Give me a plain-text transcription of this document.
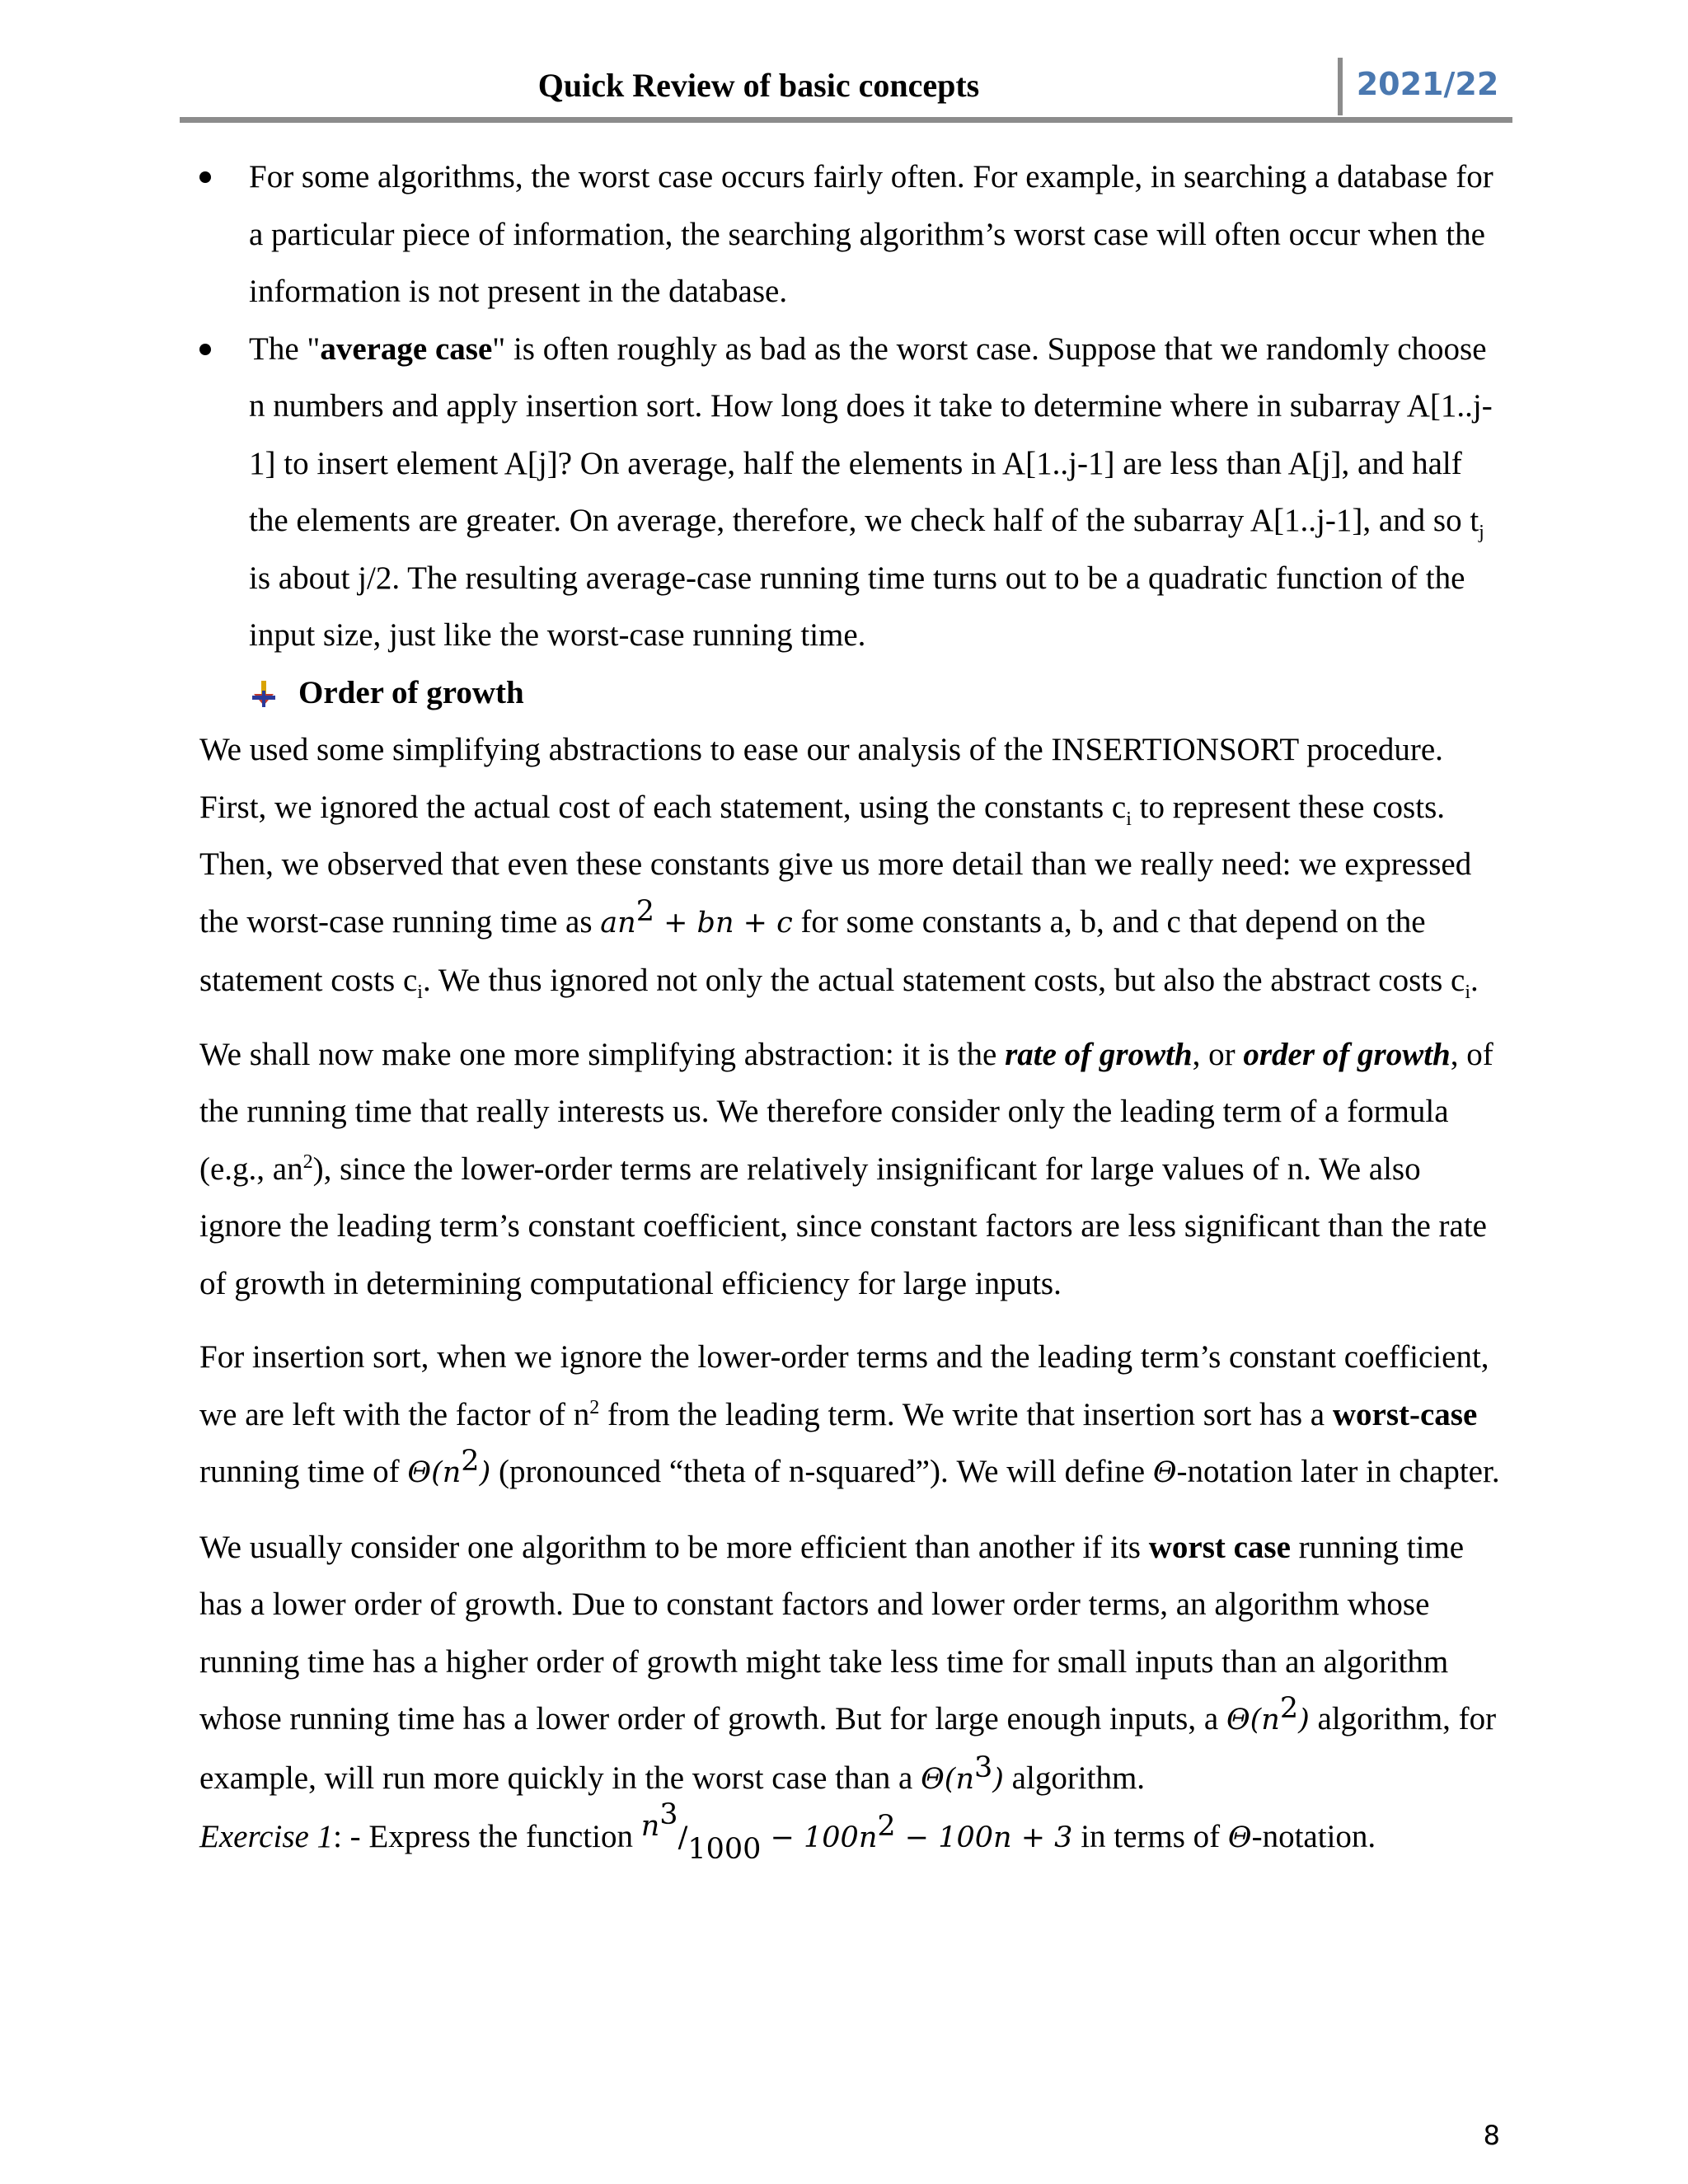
Quick Review of basic concepts	2021/22
For some algorithms, the worst case occurs fairly often. For example, in searching a database for a particular piece of information, the searching algorithm’s worst case will often occur when the information is not present in the database.
The "average case" is often roughly as bad as the worst case. Suppose that we randomly choose n numbers and apply insertion sort. How long does it take to determine where in subarray A[1..j-1] to insert element A[j]? On average, half the elements in A[1..j-1] are less than A[j], and half the elements are greater. On average, therefore, we check half of the subarray A[1..j-1], and so $t_j$ is about j/2. The resulting average-case running time turns out to be a quadratic function of the input size, just like the worst-case running time.
Order of growth

We used some simplifying abstractions to ease our analysis of the INSERTIONSORT procedure. First, we ignored the actual cost of each statement, using the constants $c_i$ to represent these costs. Then, we observed that even these constants give us more detail than we really need: we expressed the worst-case running time as $an^2$ + bn + c for some constants a, b, and c that depend on the statement costs $c_i$. We thus ignored not only the actual statement costs, but also the abstract costs $c_i$.

We shall now make one more simplifying abstraction: it is the rate of growth, or order of growth, of the running time that really interests us. We therefore consider only the leading term of a formula (e.g., $an^2$), since the lower-order terms are relatively insignificant for large values of n. We also ignore the leading term’s constant coefficient, since constant factors are less significant than the rate of growth in determining computational efficiency for large inputs.

For insertion sort, when we ignore the lower-order terms and the leading term’s constant coefficient, we are left with the factor of $n^2$ from the leading term. We write that insertion sort has a worst-case running time of $\Theta(n^2)$ (pronounced “theta of n-squared”). We will define Θ-notation later in chapter.

We usually consider one algorithm to be more efficient than another if its worst case running time has a lower order of growth. Due to constant factors and lower order terms, an algorithm whose running time has a higher order of growth might take less time for small inputs than an algorithm whose running time has a lower order of growth. But for large enough inputs, a $\Theta(n^2)$ algorithm, for example, will run more quickly in the worst case than a $\Theta(n^3)$ algorithm.

Exercise 1: - Express the function $n^3/1000 - 100n^2 - 100n + 3$ in terms of Θ-notation.

8
